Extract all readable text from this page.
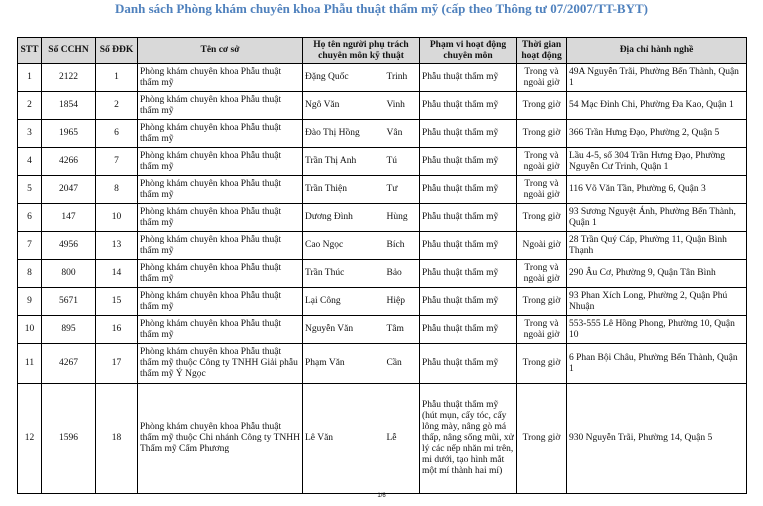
Danh sách Phòng khám chuyên khoa Phẫu thuật thẩm mỹ (cấp theo Thông tư 07/2007/TT-BYT)
STT	Số CCHN	Số ĐĐK	Tên cơ sở	Họ tên người phụ trách chuyên môn kỹ thuật		Phạm vi hoạt động chuyên môn	Thời gian hoạt động	Địa chỉ hành nghề
1	2122	1	Phòng khám chuyên khoa Phẫu thuật thẩm mỹ	Đặng Quốc	Trinh	Phẫu thuật thẩm mỹ	Trong và ngoài giờ	49A Nguyễn Trãi, Phường Bến Thành, Quận 1
2	1854	2	Phòng khám chuyên khoa Phẫu thuật thẩm mỹ	Ngô Văn	Vinh	Phẫu thuật thẩm mỹ	Trong giờ	54 Mạc Đỉnh Chi, Phường Đa Kao, Quận 1
3	1965	6	Phòng khám chuyên khoa Phẫu thuật thẩm mỹ	Đào Thị Hồng	Vân	Phẫu thuật thẩm mỹ	Trong giờ	366 Trần Hưng Đạo, Phường 2, Quận 5
4	4266	7	Phòng khám chuyên khoa Phẫu thuật thẩm mỹ	Trần Thị Anh	Tú	Phẫu thuật thẩm mỹ	Trong và ngoài giờ	Lầu 4-5, số 304 Trần Hưng Đạo, Phường Nguyễn Cư Trinh, Quận 1
5	2047	8	Phòng khám chuyên khoa Phẫu thuật thẩm mỹ	Trần Thiện	Tư	Phẫu thuật thẩm mỹ	Trong và ngoài giờ	116 Võ Văn Tần, Phường 6, Quận 3
6	147	10	Phòng khám chuyên khoa Phẫu thuật thẩm mỹ	Dương Đình	Hùng	Phẫu thuật thẩm mỹ	Trong giờ	93 Sương Nguyệt Ánh, Phường Bến Thành, Quận 1
7	4956	13	Phòng khám chuyên khoa Phẫu thuật thẩm mỹ	Cao Ngọc	Bích	Phẫu thuật thẩm mỹ	Ngoài giờ	28 Trần Quý Cáp, Phường 11, Quận Bình Thạnh
8	800	14	Phòng khám chuyên khoa Phẫu thuật thẩm mỹ	Trần Thúc	Bảo	Phẫu thuật thẩm mỹ	Trong và ngoài giờ	290 Âu Cơ, Phường 9, Quận Tân Bình
9	5671	15	Phòng khám chuyên khoa Phẫu thuật thẩm mỹ	Lại Công	Hiệp	Phẫu thuật thẩm mỹ	Trong giờ	93 Phan Xích Long, Phường 2, Quận Phú Nhuận
10	895	16	Phòng khám chuyên khoa Phẫu thuật thẩm mỹ	Nguyễn Văn	Tâm	Phẫu thuật thẩm mỹ	Trong và ngoài giờ	553-555 Lê Hồng Phong, Phường 10, Quận 10
11	4267	17	Phòng khám chuyên khoa Phẫu thuật thẩm mỹ thuộc Công ty TNHH Giải phẫu thẩm mỹ Ý Ngọc	Phạm Văn	Cần	Phẫu thuật thẩm mỹ	Trong giờ	6 Phan Bội Châu, Phường Bến Thành, Quận 1
12	1596	18	Phòng khám chuyên khoa Phẫu thuật thẩm mỹ thuộc Chi nhánh Công ty TNHH Thẩm mỹ Cẩm Phương	Lê Văn	Lễ	Phẫu thuật thẩm mỹ (hút mụn, cấy tóc, cấy lông mày, nâng gò má thấp, nâng sống mũi, xử lý các nếp nhăn mi trên, mi dưới, tạo hình mắt một mí thành hai mí)	Trong giờ	930 Nguyễn Trãi, Phường 14, Quận 5
1/6
